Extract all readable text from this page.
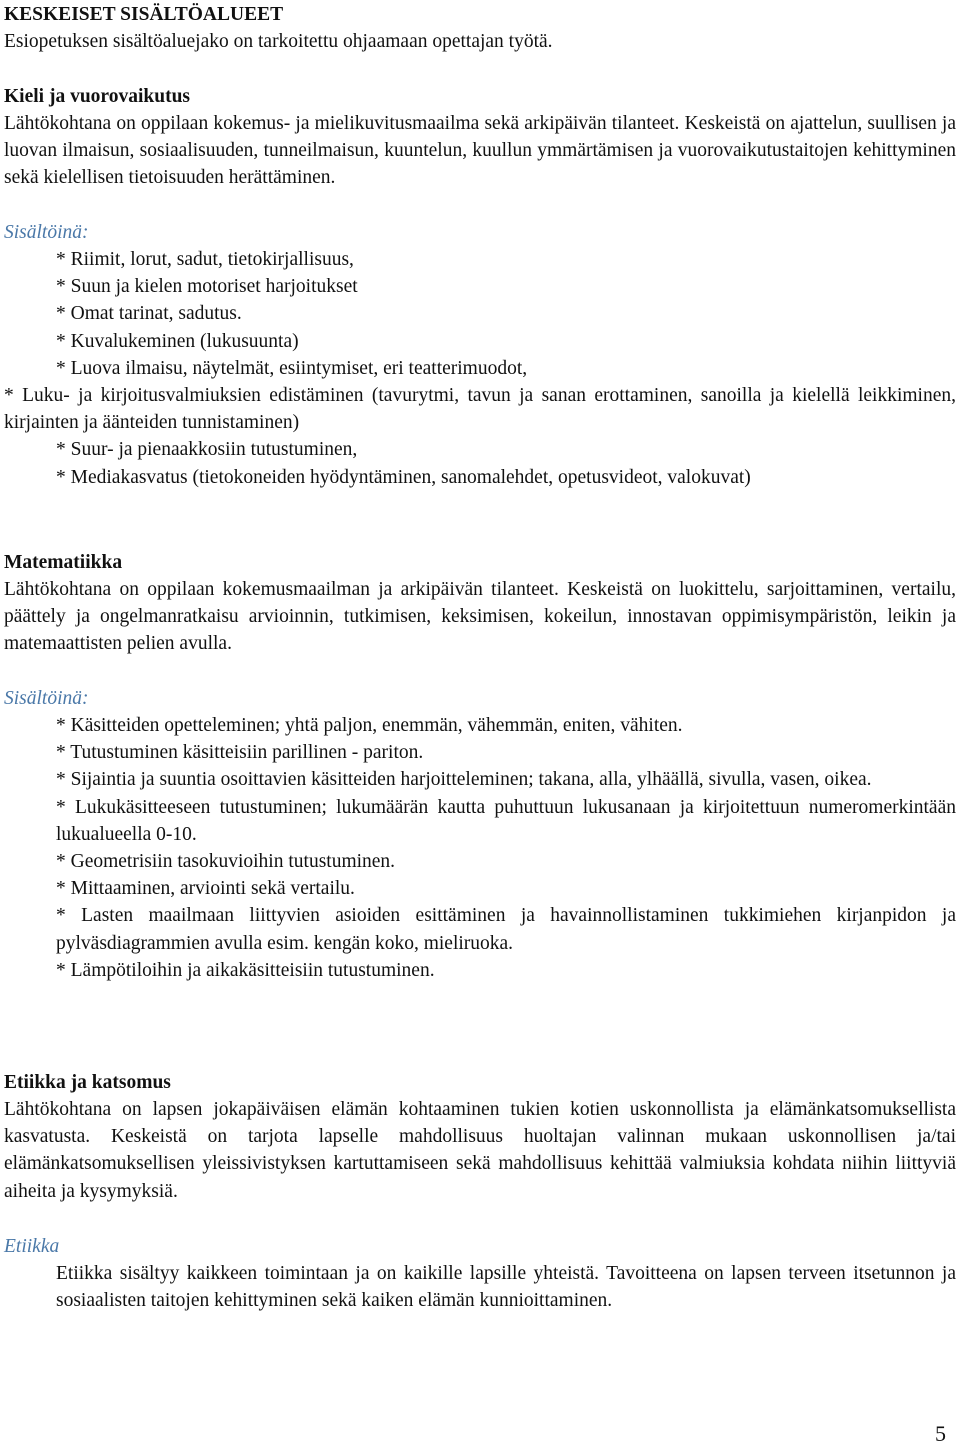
KESKEISET SISÄLTÖALUEET
Esiopetuksen sisältöaluejako on tarkoitettu ohjaamaan opettajan työtä.
Kieli ja vuorovaikutus
Lähtökohtana on oppilaan kokemus- ja mielikuvitusmaailma sekä arkipäivän tilanteet. Keskeistä on ajattelun, suullisen ja luovan ilmaisun, sosiaalisuuden, tunneilmaisun, kuuntelun, kuullun ymmärtämisen ja vuorovaikutustaitojen kehittyminen sekä kielellisen tietoisuuden herättäminen.
Sisältöinä:
* Riimit, lorut, sadut, tietokirjallisuus,
* Suun ja kielen motoriset harjoitukset
* Omat tarinat, sadutus.
* Kuvalukeminen (lukusuunta)
* Luova ilmaisu, näytelmät, esiintymiset, eri teatterimuodot,
* Luku- ja kirjoitusvalmiuksien edistäminen (tavurytmi, tavun ja sanan erottaminen, sanoilla ja kielellä leikkiminen, kirjainten ja äänteiden tunnistaminen)
* Suur- ja pienaakkosiin tutustuminen,
* Mediakasvatus (tietokoneiden hyödyntäminen, sanomalehdet, opetusvideot, valokuvat)
Matematiikka
Lähtökohtana on oppilaan kokemusmaailman ja arkipäivän tilanteet. Keskeistä on luokittelu, sarjoittaminen, vertailu, päättely ja ongelmanratkaisu arvioinnin, tutkimisen, keksimisen, kokeilun, innostavan oppimisympäristön, leikin ja matemaattisten pelien avulla.
Sisältöinä:
* Käsitteiden opetteleminen; yhtä paljon, enemmän, vähemmän, eniten, vähiten.
* Tutustuminen käsitteisiin parillinen - pariton.
* Sijaintia ja suuntia osoittavien käsitteiden harjoitteleminen; takana, alla, ylhäällä, sivulla, vasen, oikea.
* Lukukäsitteeseen tutustuminen; lukumäärän kautta puhuttuun lukusanaan ja kirjoitettuun numeromerkintään lukualueella 0-10.
* Geometrisiin tasokuvioihin tutustuminen.
* Mittaaminen, arviointi sekä vertailu.
* Lasten maailmaan liittyvien asioiden esittäminen ja havainnollistaminen tukkimiehen kirjanpidon ja pylväsdiagrammien avulla esim. kengän koko, mieliruoka.
* Lämpötiloihin ja aikakäsitteisiin tutustuminen.
Etiikka ja katsomus
Lähtökohtana on lapsen jokapäiväisen elämän kohtaaminen tukien kotien uskonnollista ja elämänkatsomuksellista kasvatusta. Keskeistä on tarjota lapselle mahdollisuus huoltajan valinnan mukaan uskonnollisen ja/tai elämänkatsomuksellisen yleissivistyksen kartuttamiseen sekä mahdollisuus kehittää valmiuksia kohdata niihin liittyviä aiheita ja kysymyksiä.
Etiikka
Etiikka sisältyy kaikkeen toimintaan ja on kaikille lapsille yhteistä. Tavoitteena on lapsen terveen itsetunnon ja sosiaalisten taitojen kehittyminen sekä kaiken elämän kunnioittaminen.
5
